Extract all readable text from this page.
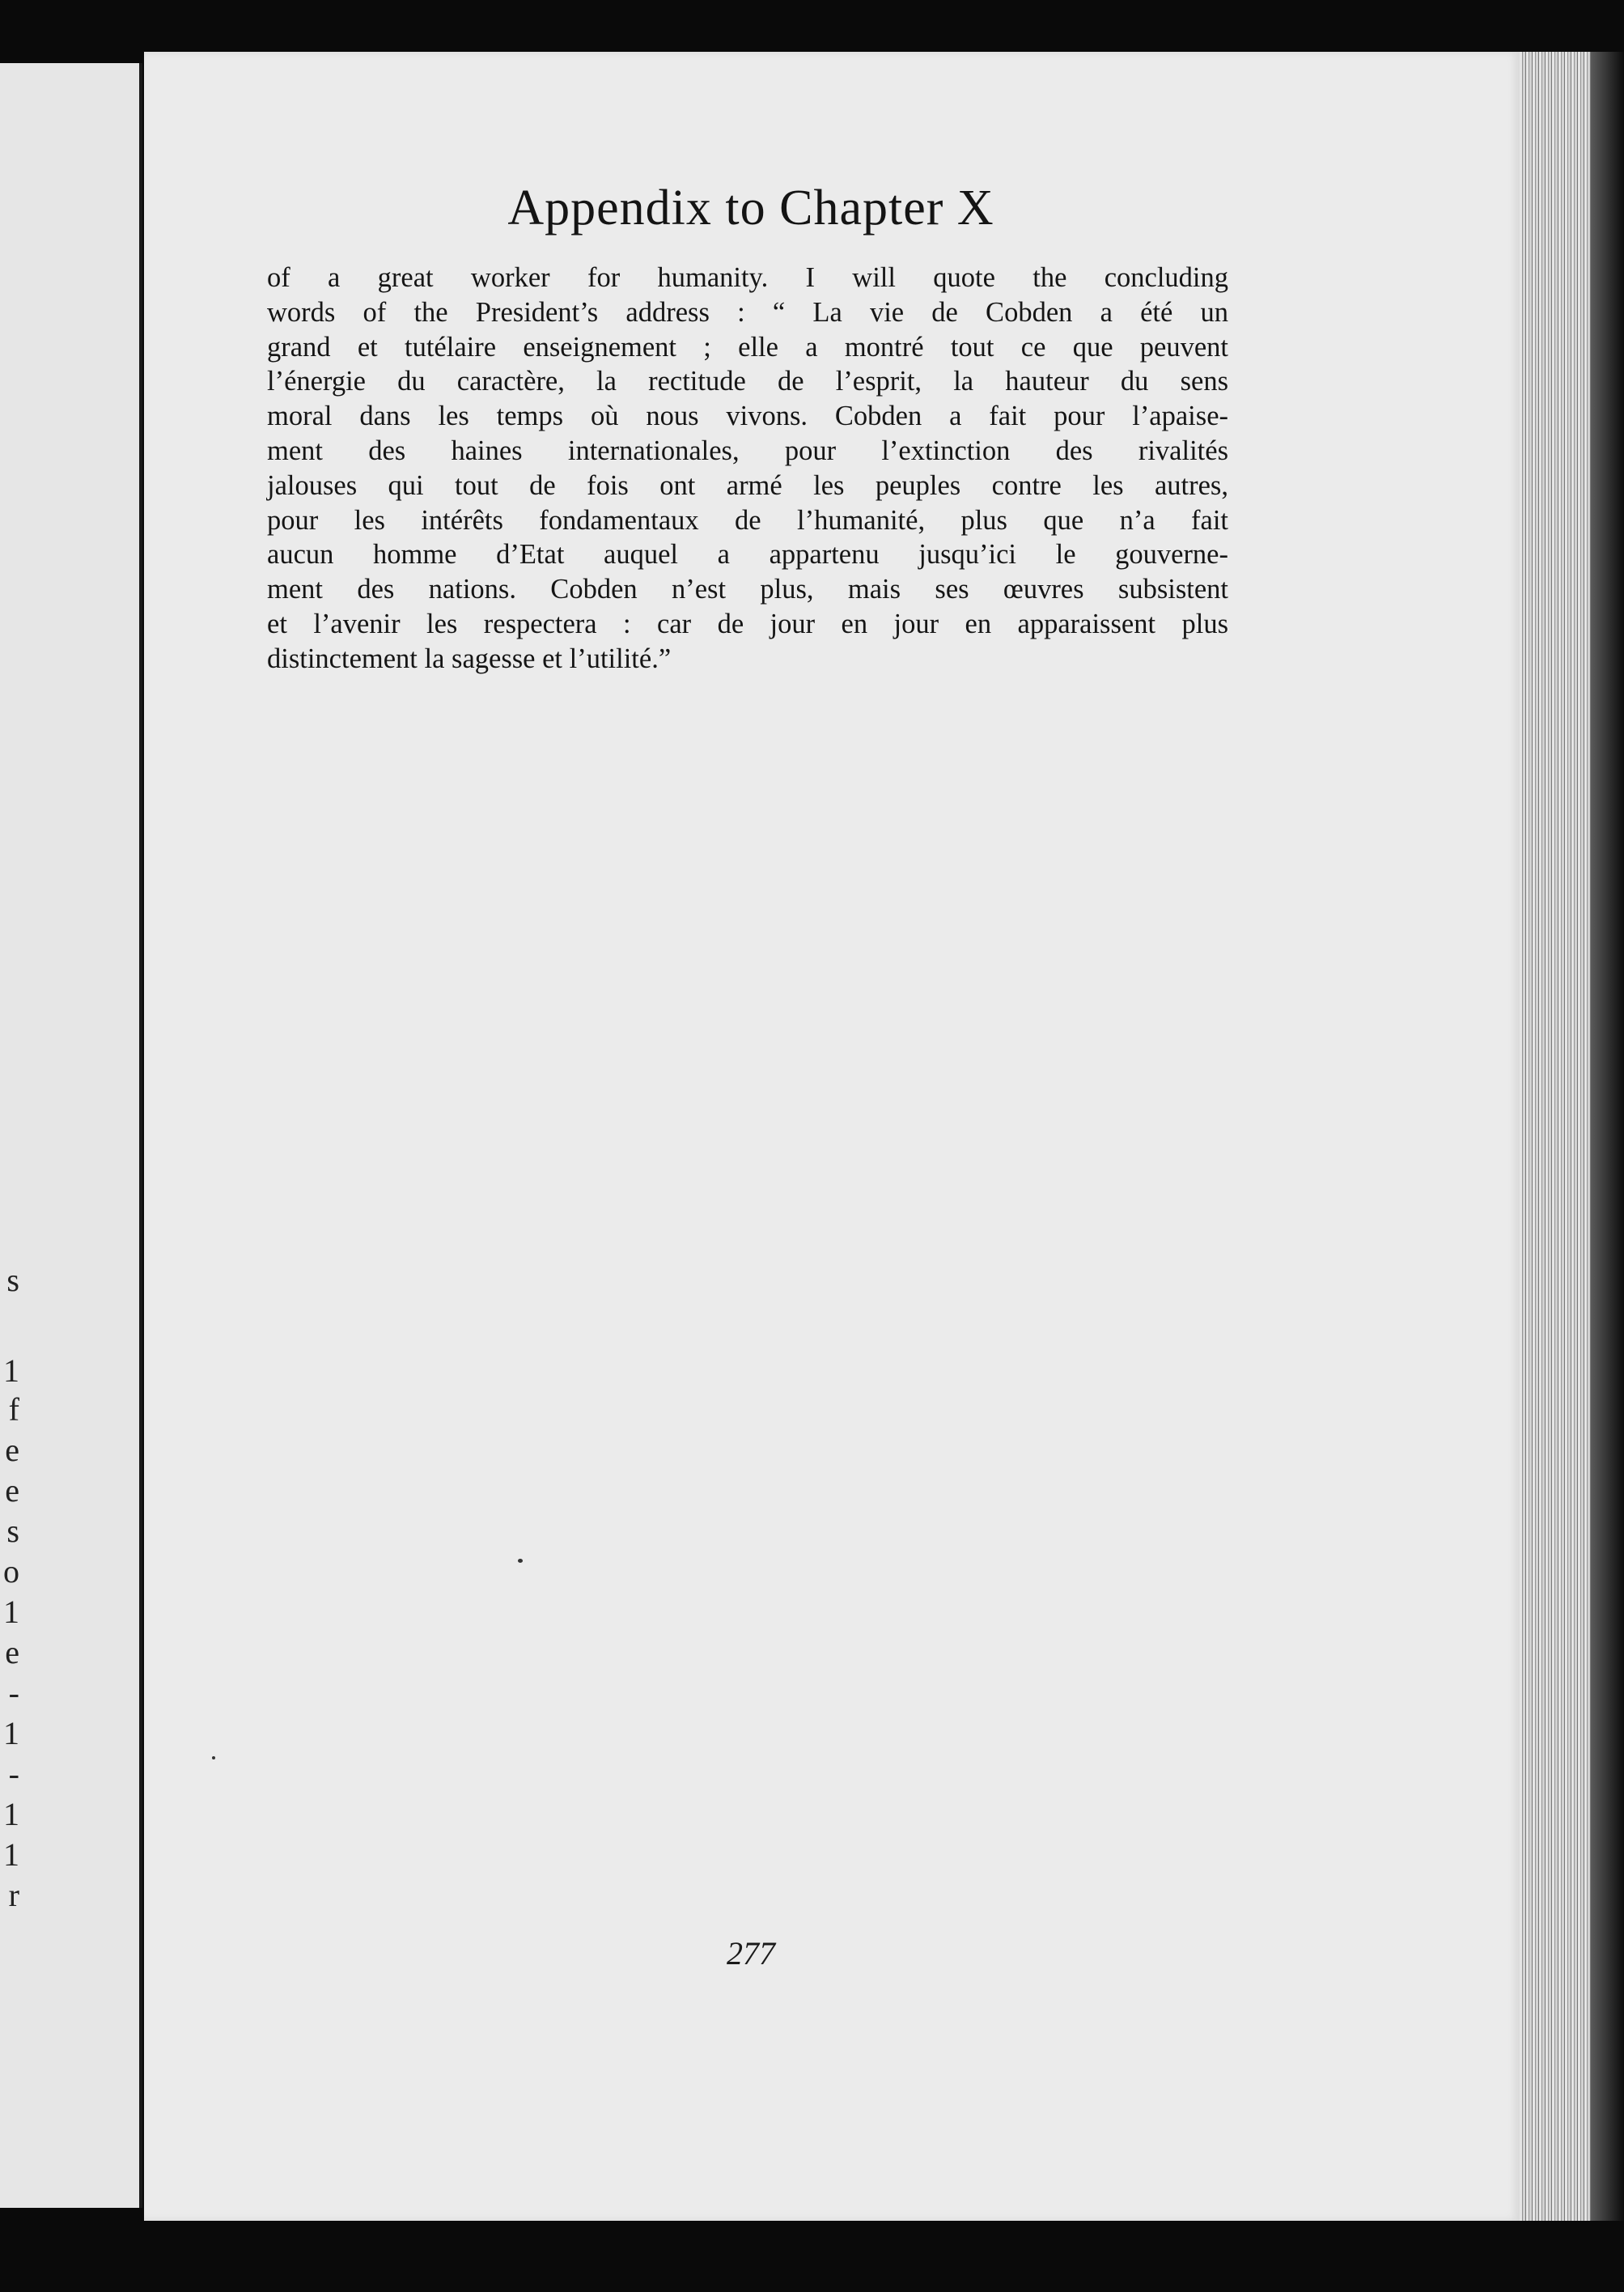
s
1
f
e
e
s
o
1
e
-
1
-
1
1
r
Appendix to Chapter X

of a great worker for humanity. I will quote the concluding
words of the President’s address : “ La vie de Cobden a été un
grand et tutélaire enseignement ; elle a montré tout ce que peuvent
l’énergie du caractère, la rectitude de l’esprit, la hauteur du sens
moral dans les temps où nous vivons. Cobden a fait pour l’apaise-
ment des haines internationales, pour l’extinction des rivalités
jalouses qui tout de fois ont armé les peuples contre les autres,
pour les intérêts fondamentaux de l’humanité, plus que n’a fait
aucun homme d’Etat auquel a appartenu jusqu’ici le gouverne-
ment des nations. Cobden n’est plus, mais ses œuvres subsistent
et l’avenir les respectera : car de jour en jour en apparaissent plus
distinctement la sagesse et l’utilité.”

277
